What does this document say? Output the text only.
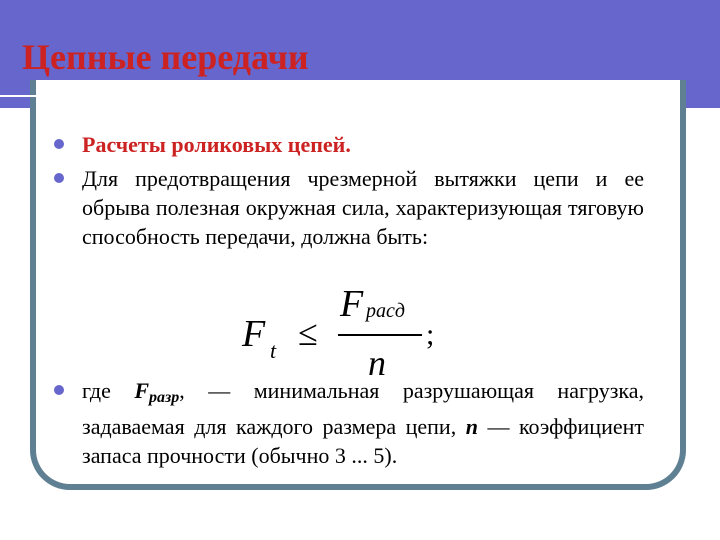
Цепные передачи
Расчеты роликовых цепей.
Для предотвращения чрезмерной вытяжки цепи и ее обрыва полезная окружная сила, характеризующая тяговую способность передачи, должна быть:
F t ≤
F расд
n
;
где Fразр, — минимальная разрушающая нагрузка, задаваемая для каждого размера цепи, n — коэффициент запаса прочности (обычно 3 ... 5).
